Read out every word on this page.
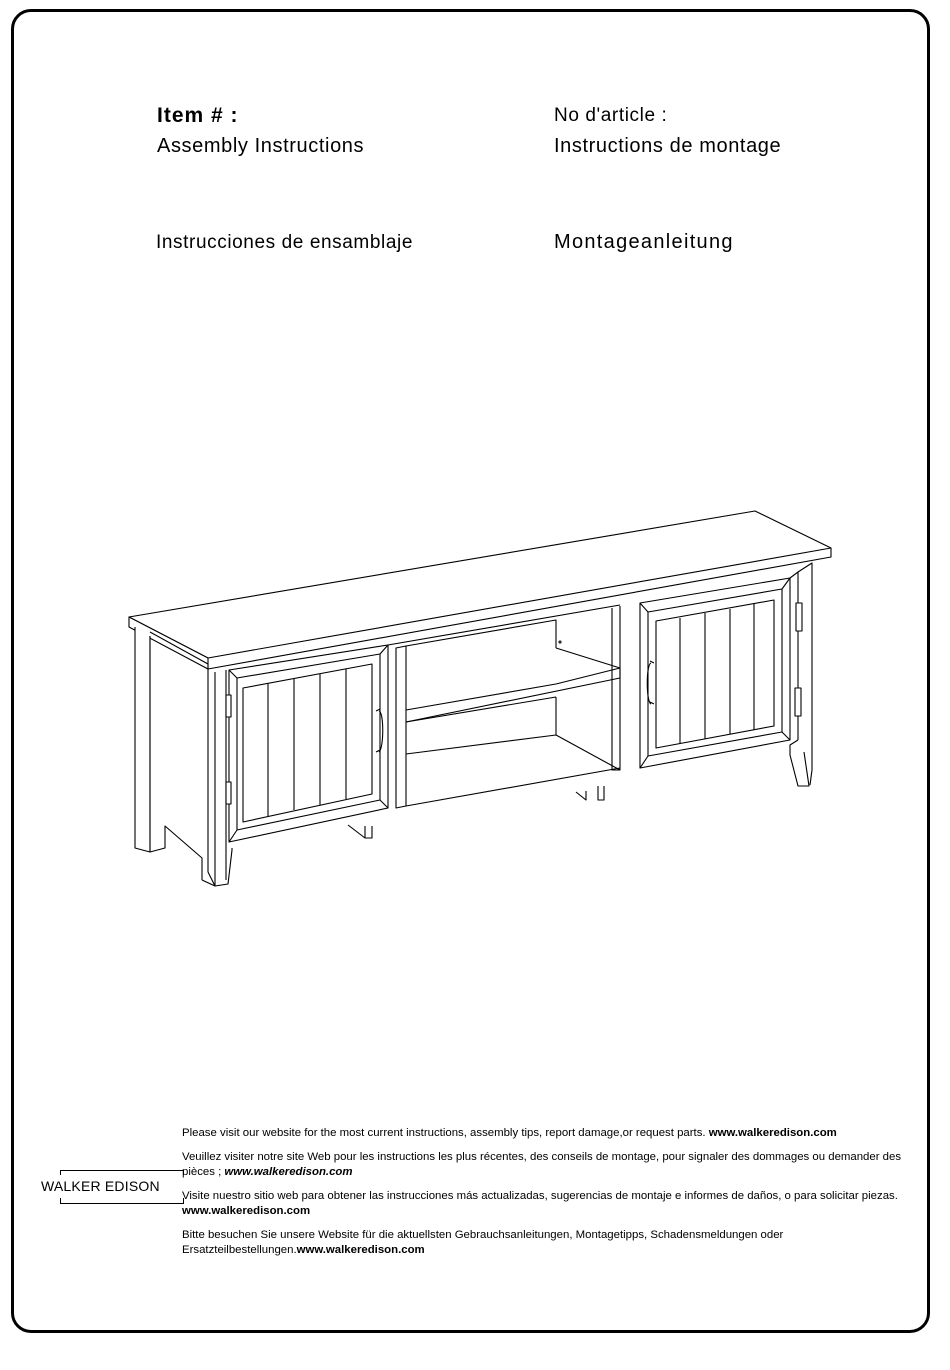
Item # :	No d'article :
Assembly Instructions	Instructions de montage
Instrucciones de ensamblaje	Montageanleitung
WALKER EDISON

Please visit our website for the most current instructions, assembly tips, report damage,or request parts. www.walkeredison.com

Veuillez visiter notre site Web pour les instructions les plus récentes, des conseils de montage, pour signaler des dommages ou demander des pièces ; www.walkeredison.com

Visite nuestro sitio web para obtener las instrucciones más actualizadas, sugerencias de montaje e informes de daños, o para solicitar piezas. www.walkeredison.com

Bitte besuchen Sie unsere Website für die aktuellsten Gebrauchsanleitungen, Montagetipps, Schadensmeldungen oder Ersatzteilbestellungen.www.walkeredison.com
